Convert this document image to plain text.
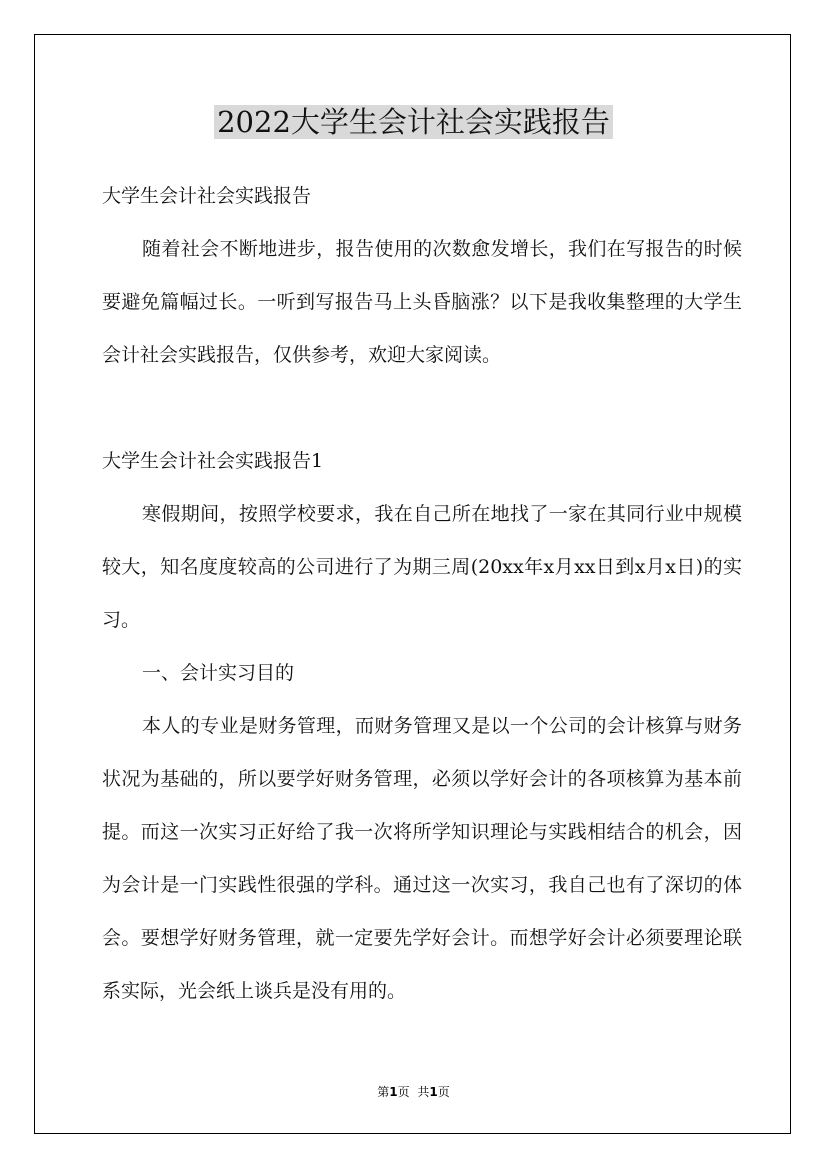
2022大学生会计社会实践报告

大学生会计社会实践报告

随着社会不断地进步，报告使用的次数愈发增长，我们在写报告的时候要避免篇幅过长。一听到写报告马上头昏脑涨？以下是我收集整理的大学生会计社会实践报告，仅供参考，欢迎大家阅读。

大学生会计社会实践报告1

寒假期间，按照学校要求，我在自己所在地找了一家在其同行业中规模较大，知名度度较高的公司进行了为期三周(20xx年x月xx日到x月x日)的实习。

一、会计实习目的

本人的专业是财务管理，而财务管理又是以一个公司的会计核算与财务状况为基础的，所以要学好财务管理，必须以学好会计的各项核算为基本前提。而这一次实习正好给了我一次将所学知识理论与实践相结合的机会，因为会计是一门实践性很强的学科。通过这一次实习，我自己也有了深切的体会。要想学好财务管理，就一定要先学好会计。而想学好会计必须要理论联系实际，光会纸上谈兵是没有用的。

第1页 共1页
